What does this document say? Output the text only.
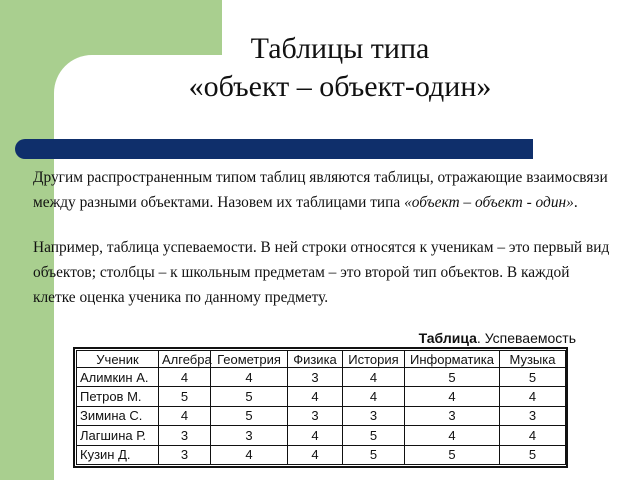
Таблицы типа
«объект – объект-один»
Другим распространенным типом таблиц являются таблицы, отражающие взаимосвязи между разными объектами. Назовем их таблицами типа «объект – объект - один».
Например, таблица успеваемости. В ней строки относятся к ученикам – это первый вид объектов; столбцы – к школьным предметам – это второй тип объектов. В каждой клетке оценка ученика по данному предмету.
Таблица. Успеваемость
Ученик	Алгебра	Геометрия	Физика	История	Информатика	Музыка
Алимкин А.	4	4	3	4	5	5
Петров М.	5	5	4	4	4	4
Зимина С.	4	5	3	3	3	3
Лагшина Р.	3	3	4	5	4	4
Кузин Д.	3	4	4	5	5	5
